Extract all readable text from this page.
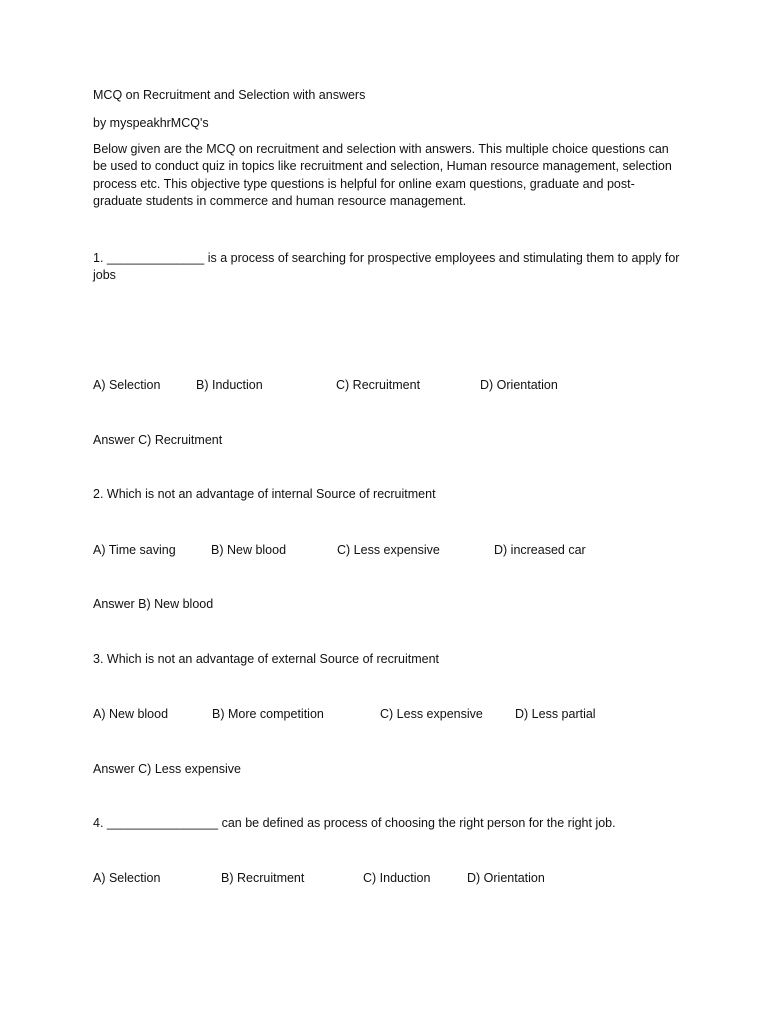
MCQ on Recruitment and Selection with answers
by myspeakhrMCQ's
Below given are the MCQ on recruitment and selection with answers. This multiple choice questions can be used to conduct quiz in topics like recruitment and selection, Human resource management, selection process etc. This objective type questions is helpful for online exam questions, graduate and post-graduate students in commerce and human resource management.
1. ______________ is a process of searching for prospective employees and stimulating them to apply for jobs
A) Selection	B) Induction	C) Recruitment	D) Orientation
Answer C) Recruitment
2. Which is not an advantage of internal Source of recruitment
A) Time saving	B) New blood	C) Less expensive	D) increased car
Answer B) New blood
3. Which is not an advantage of external Source of recruitment
A) New blood	B) More competition	C) Less expensive	D) Less partial
Answer C) Less expensive
4. ________________ can be defined as process of choosing the right person for the right job.
A) Selection	B) Recruitment	C) Induction	D) Orientation
